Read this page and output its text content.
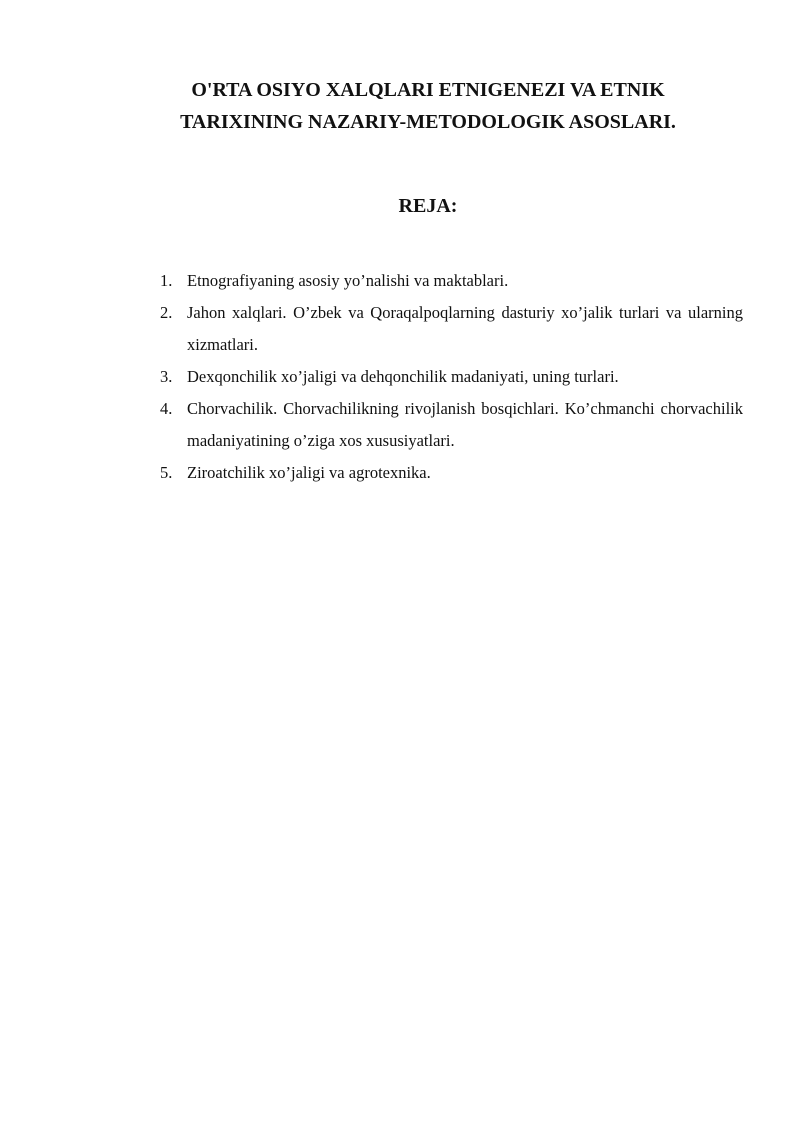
O'RTA OSIYO XALQLARI ETNIGENEZI VA ETNIK
TARIXINING NAZARIY-METODOLOGIK ASOSLARI.
REJA:
1. Etnografiyaning asosiy yo’nalishi va maktablari.
2. Jahon xalqlari. O’zbek va Qoraqalpoqlarning dasturiy xo’jalik turlari va ularning xizmatlari.
3. Dexqonchilik xo’jaligi va dehqonchilik madaniyati, uning turlari.
4. Chorvachilik. Chorvachilikning rivojlanish bosqichlari. Ko’chmanchi chorvachilik madaniyatining o’ziga xos xususiyatlari.
5. Ziroatchilik xo’jaligi va agrotexnika.
